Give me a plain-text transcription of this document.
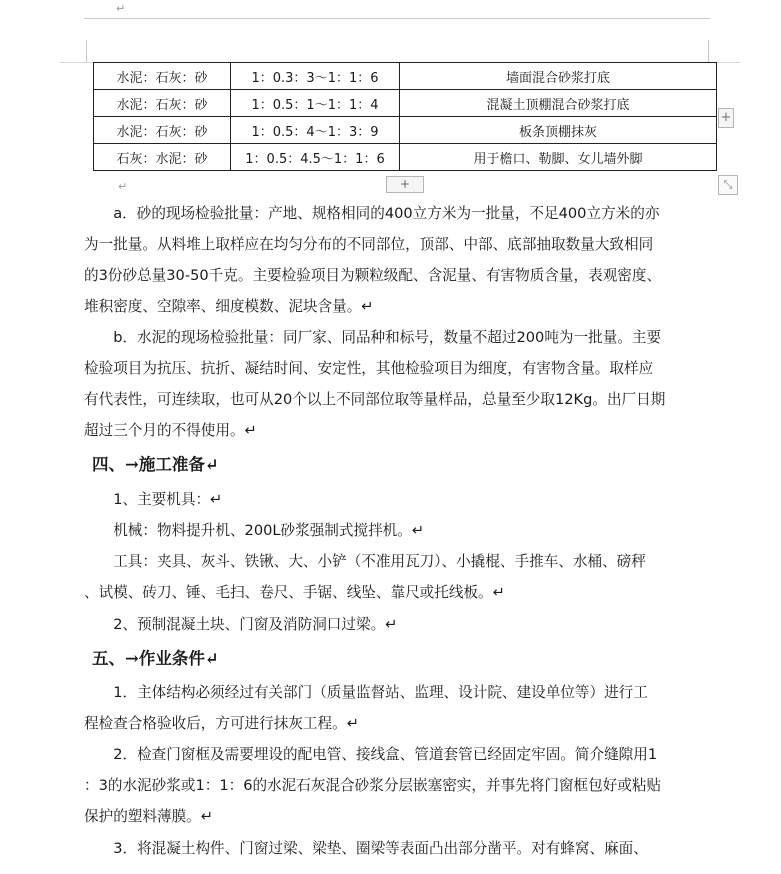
↵
水泥：石灰：砂	1：0.3：3～1：1：6	墙面混合砂浆打底
水泥：石灰：砂	1：0.5：1～1：1：4	混凝土顶棚混合砂浆打底
水泥：石灰：砂	1：0.5：4～1：3：9	板条顶棚抹灰
石灰：水泥：砂	1：0.5：4.5～1：1：6	用于檐口、勒脚、女儿墙外脚
+
+	⤡
↵
　　a．砂的现场检验批量：产地、规格相同的400立方米为一批量，不足400立方米的亦
为一批量。从料堆上取样应在均匀分布的不同部位，顶部、中部、底部抽取数量大致相同
的3份砂总量30-50千克。主要检验项目为颗粒级配、含泥量、有害物质含量，表观密度、
堆积密度、空隙率、细度模数、泥块含量。↵
　　b．水泥的现场检验批量：同厂家、同品种和标号，数量不超过200吨为一批量。主要
检验项目为抗压、抗折、凝结时间、安定性，其他检验项目为细度，有害物含量。取样应
有代表性，可连续取，也可从20个以上不同部位取等量样品，总量至少取12Kg。出厂日期
超过三个月的不得使用。↵
四、→施工准备↵
　　1、主要机具：↵
　　机械：物料提升机、200L砂浆强制式搅拌机。↵
　　工具：夹具、灰斗、铁锹、大、小铲（不准用瓦刀）、小撬棍、手推车、水桶、磅秤
、试模、砖刀、锤、毛扫、卷尺、手锯、线坠、靠尺或托线板。↵
　　2、预制混凝土块、门窗及消防洞口过梁。↵
五、→作业条件↵
　　1．主体结构必须经过有关部门（质量监督站、监理、设计院、建设单位等）进行工
程检查合格验收后，方可进行抹灰工程。↵
　　2．检查门窗框及需要埋设的配电管、接线盒、管道套管已经固定牢固。简介缝隙用1
：3的水泥砂浆或1：1：6的水泥石灰混合砂浆分层嵌塞密实，并事先将门窗框包好或粘贴
保护的塑料薄膜。↵
　　3．将混凝土构件、门窗过梁、梁垫、圈梁等表面凸出部分凿平。对有蜂窝、麻面、
